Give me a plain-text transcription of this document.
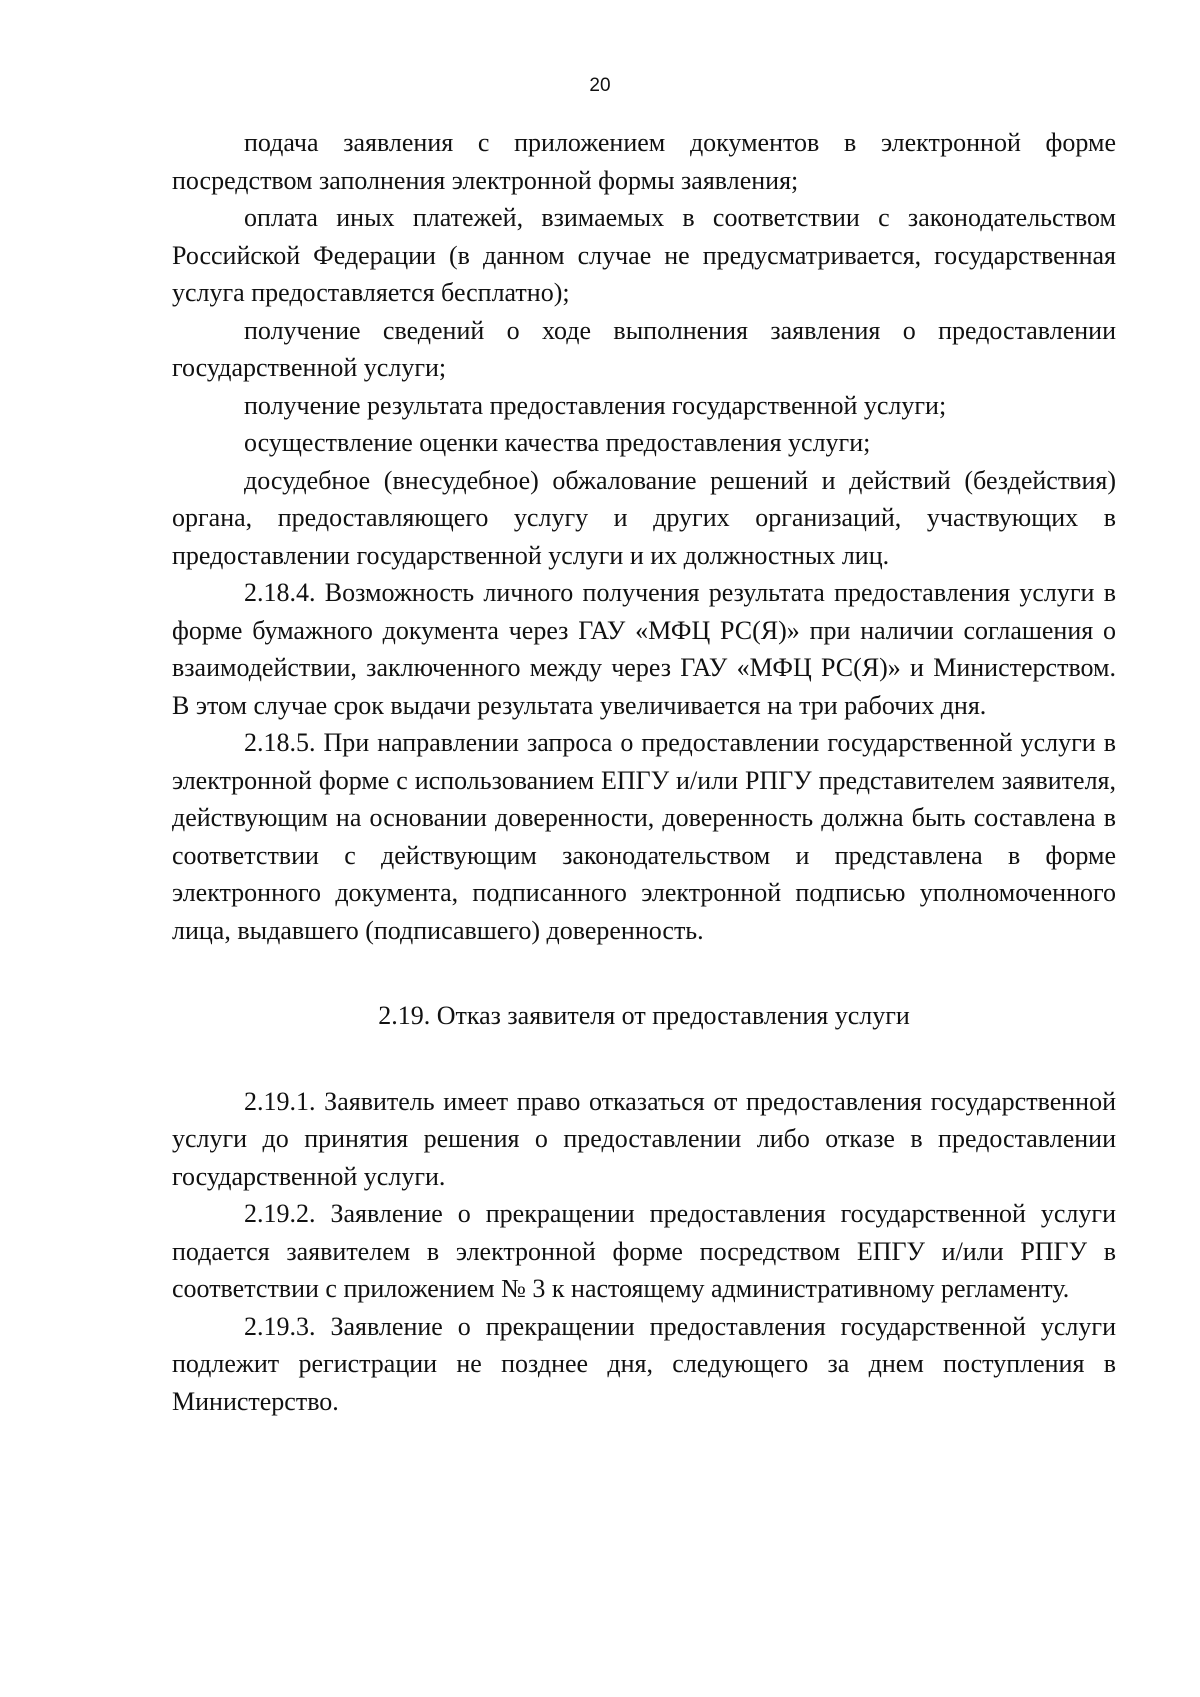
20

подача заявления с приложением документов в электронной форме посредством заполнения электронной формы заявления;

оплата иных платежей, взимаемых в соответствии с законодательством Российской Федерации (в данном случае не предусматривается, государственная услуга предоставляется бесплатно);

получение сведений о ходе выполнения заявления о предоставлении государственной услуги;

получение результата предоставления государственной услуги;

осуществление оценки качества предоставления услуги;

досудебное (внесудебное) обжалование решений и действий (бездействия) органа, предоставляющего услугу и других организаций, участвующих в предоставлении государственной услуги и их должностных лиц.

2.18.4. Возможность личного получения результата предоставления услуги в форме бумажного документа через ГАУ «МФЦ РС(Я)» при наличии соглашения о взаимодействии, заключенного между через ГАУ «МФЦ РС(Я)» и Министерством. В этом случае срок выдачи результата увеличивается на три рабочих дня.

2.18.5. При направлении запроса о предоставлении государственной услуги в электронной форме с использованием ЕПГУ и/или РПГУ представителем заявителя, действующим на основании доверенности, доверенность должна быть составлена в соответствии с действующим законодательством и представлена в форме электронного документа, подписанного электронной подписью уполномоченного лица, выдавшего (подписавшего) доверенность.

2.19. Отказ заявителя от предоставления услуги

2.19.1. Заявитель имеет право отказаться от предоставления государственной услуги до принятия решения о предоставлении либо отказе в предоставлении государственной услуги.

2.19.2. Заявление о прекращении предоставления государственной услуги подается заявителем в электронной форме посредством ЕПГУ и/или РПГУ в соответствии с приложением № 3 к настоящему административному регламенту.

2.19.3. Заявление о прекращении предоставления государственной услуги подлежит регистрации не позднее дня, следующего за днем поступления в Министерство.
